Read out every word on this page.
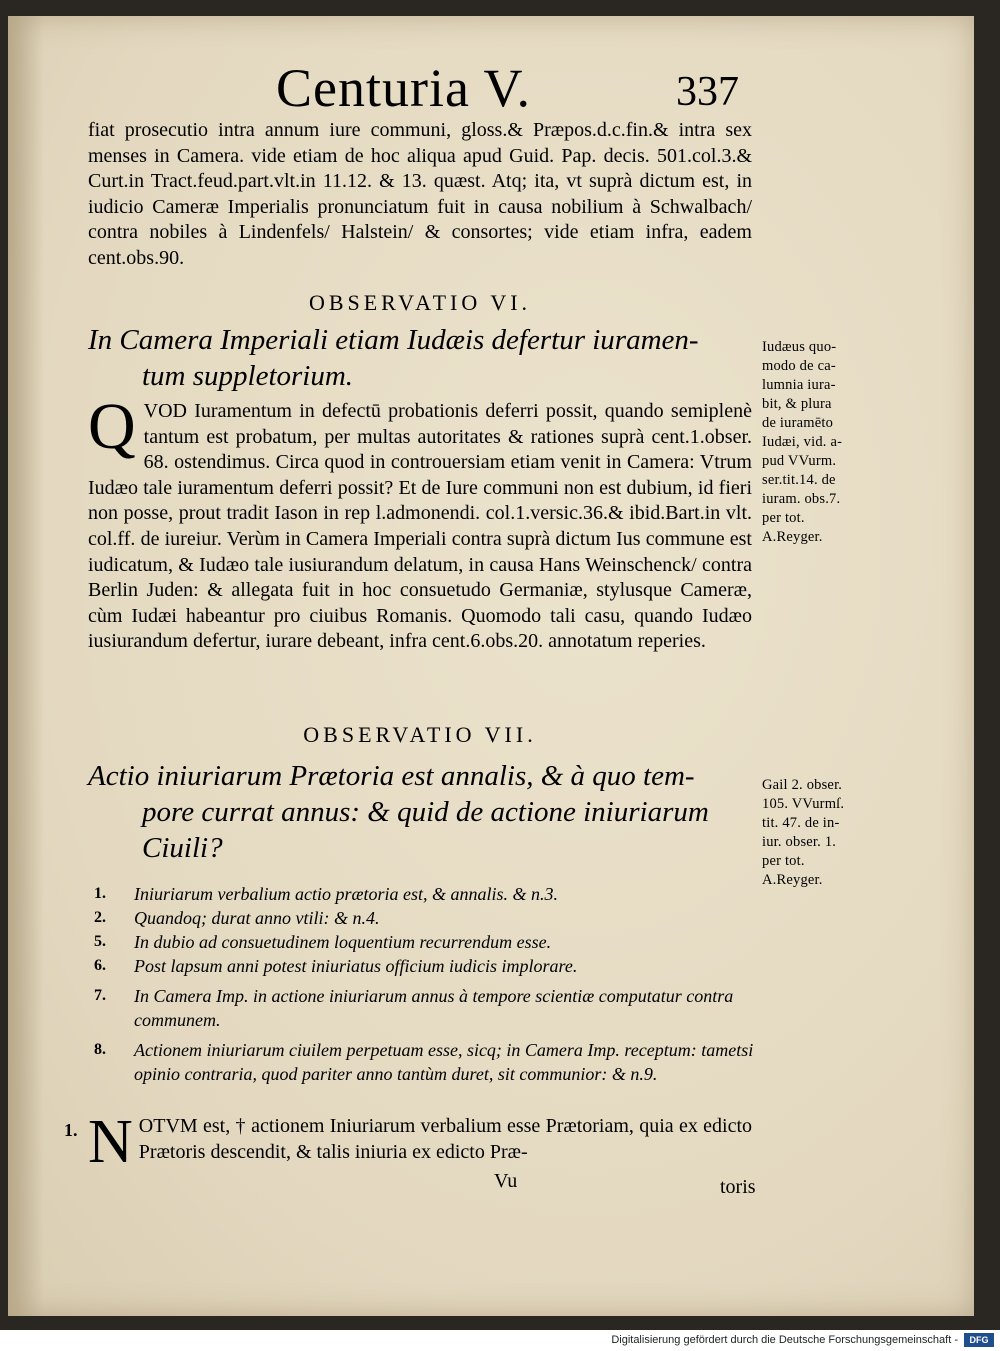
Centuria V.	337

fiat prosecutio intra annum iure communi, gloss.& Præpos.d.c.fin.& intra sex menses in Camera. vide etiam de hoc aliqua apud Guid. Pap. decis. 501.col.3.& Curt.in Tract.feud.part.vlt.in 11.12. & 13. quæst. Atq; ita, vt suprà dictum est, in iudicio Cameræ Imperialis pronunciatum fuit in causa nobilium à Schwalbach/ contra nobiles à Lindenfels/ Halstein/ & consortes; vide etiam infra, eadem cent.obs.90.

OBSERVATIO VI.
In Camera Imperiali etiam Iudæis defertur iuramen-
tum suppletorium.
Q VOD Iuramentum in defectū probationis deferri possit, quando semiplenè tantum est probatum, per multas autoritates & rationes suprà cent.1.obser. 68. ostendimus. Circa quod in controuersiam etiam venit in Camera: Vtrum Iudæo tale iuramentum deferri possit? Et de Iure communi non est dubium, id fieri non posse, prout tradit Iason in rep l.admonendi. col.1.versic.36.& ibid.Bart.in vlt. col.ff. de iureiur. Verùm in Camera Imperiali contra suprà dictum Ius commune est iudicatum, & Iudæo tale iusiurandum delatum, in causa Hans Weinschenck/ contra Berlin Juden: & allegata fuit in hoc consuetudo Germaniæ, stylusque Cameræ, cùm Iudæi habeantur pro ciuibus Romanis. Quomodo tali casu, quando Iudæo iusiurandum defertur, iurare debeant, infra cent.6.obs.20. annotatum reperies.

Iudæus quo-
modo de ca-
lumnia iura-
bit, & plura
de iuramēto
Iudæi, vid. a-
pud VVurm.
ser.tit.14. de
iuram. obs.7.
per tot.
A.Reyger.
OBSERVATIO VII.
Actio iniuriarum Prætoria est annalis, & à quo tem-
pore currat annus: & quid de actione iniuriarum
Ciuili?
Gail 2. obser.
105. VVurmſ.
tit. 47. de in-
iur. obser. 1.
per tot.
A.Reyger.
1. Iniuriarum verbalium actio prætoria est, & annalis. & n.3.
2. Quandoq; durat anno vtili: & n.4.
5. In dubio ad consuetudinem loquentium recurrendum esse.
6. Post lapsum anni potest iniuriatus officium iudicis implorare.
7. In Camera Imp. in actione iniuriarum annus à tempore scientiæ computatur contra communem.
8. Actionem iniuriarum ciuilem perpetuam esse, sicq; in Camera Imp. receptum: tametsi opinio contraria, quod pariter anno tantùm duret, sit communior: & n.9.
1. N OTVM est, † actionem Iniuriarum verbalium esse Prætoriam, quia ex edicto Prætoris descendit, & talis iniuria ex edicto Præ-

Vu	toris
Digitalisierung gefördert durch die Deutsche Forschungsgemeinschaft -	DFG
